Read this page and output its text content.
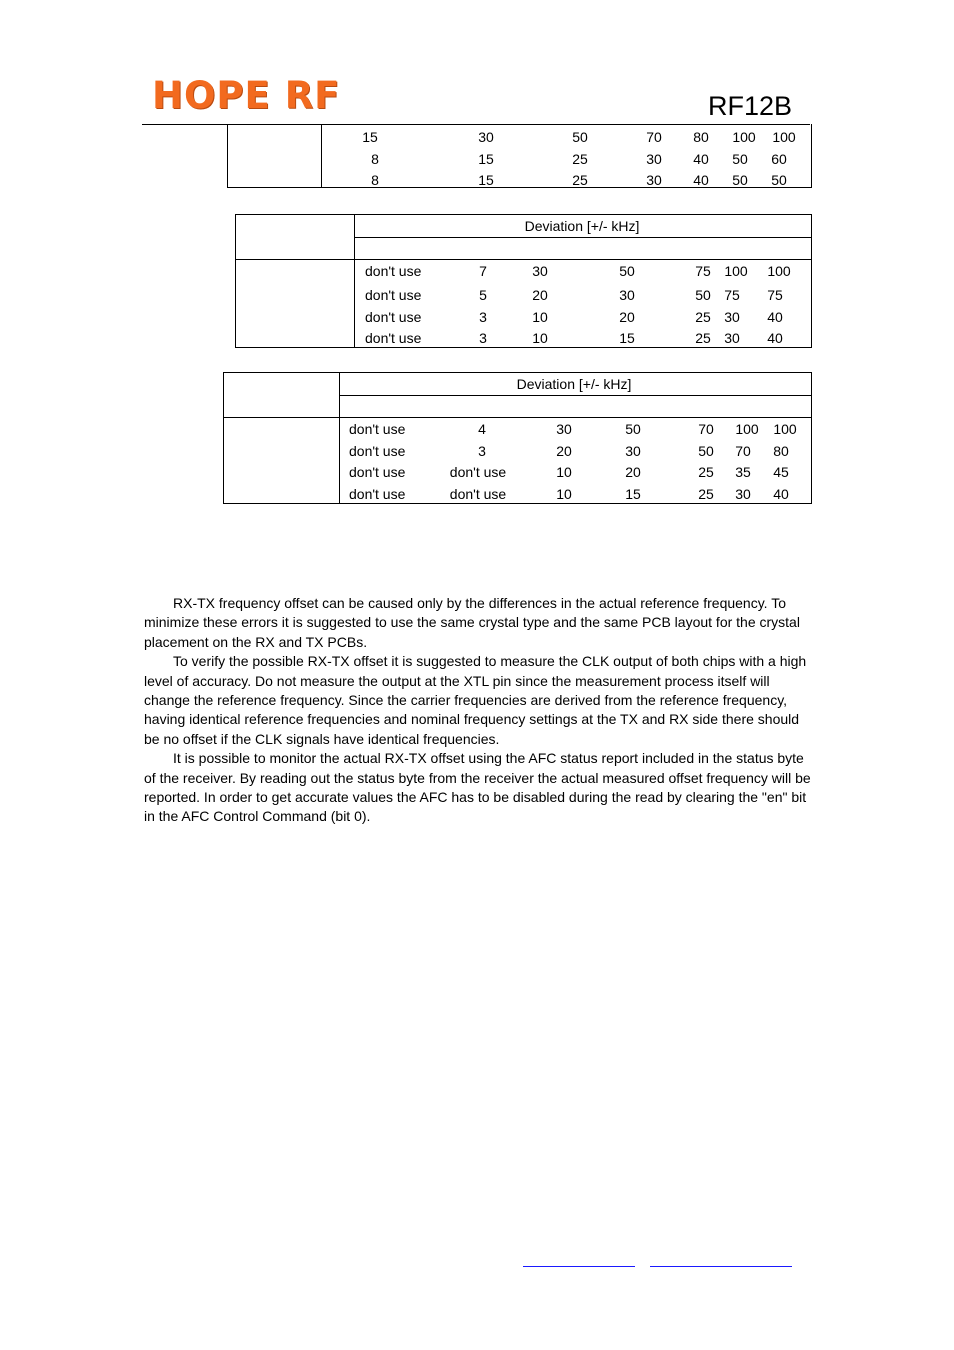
HOPE RF	RF12B
15	30	50	70 80 100 100
8	15	25	30 40 50 60
8	15	25	30 40 50 50
Deviation [+/- kHz]
don't use	7	30	50	75 100 100
don't use	5	20	30	50 75 75
don't use	3	10	20	25 30 40
don't use	3	10	15	25 30 40
Deviation [+/- kHz]
don't use	4	30	50	70 100 100
don't use	3	20	30	50 70 80
don't use	don't use	10	20	25 35 45
don't use	don't use	10	15	25 30 40

RX-TX frequency offset can be caused only by the differences in the actual reference frequency. To minimize these errors it is suggested to use the same crystal type and the same PCB layout for the crystal placement on the RX and TX PCBs.

To verify the possible RX-TX offset it is suggested to measure the CLK output of both chips with a high level of accuracy. Do not measure the output at the XTL pin since the measurement process itself will change the reference frequency. Since the carrier frequencies are derived from the reference frequency, having identical reference frequencies and nominal frequency settings at the TX and RX side there should be no offset if the CLK signals have identical frequencies.

It is possible to monitor the actual RX-TX offset using the AFC status report included in the status byte of the receiver. By reading out the status byte from the receiver the actual measured offset frequency will be reported. In order to get accurate values the AFC has to be disabled during the read by clearing the "en" bit in the AFC Control Command (bit 0).
